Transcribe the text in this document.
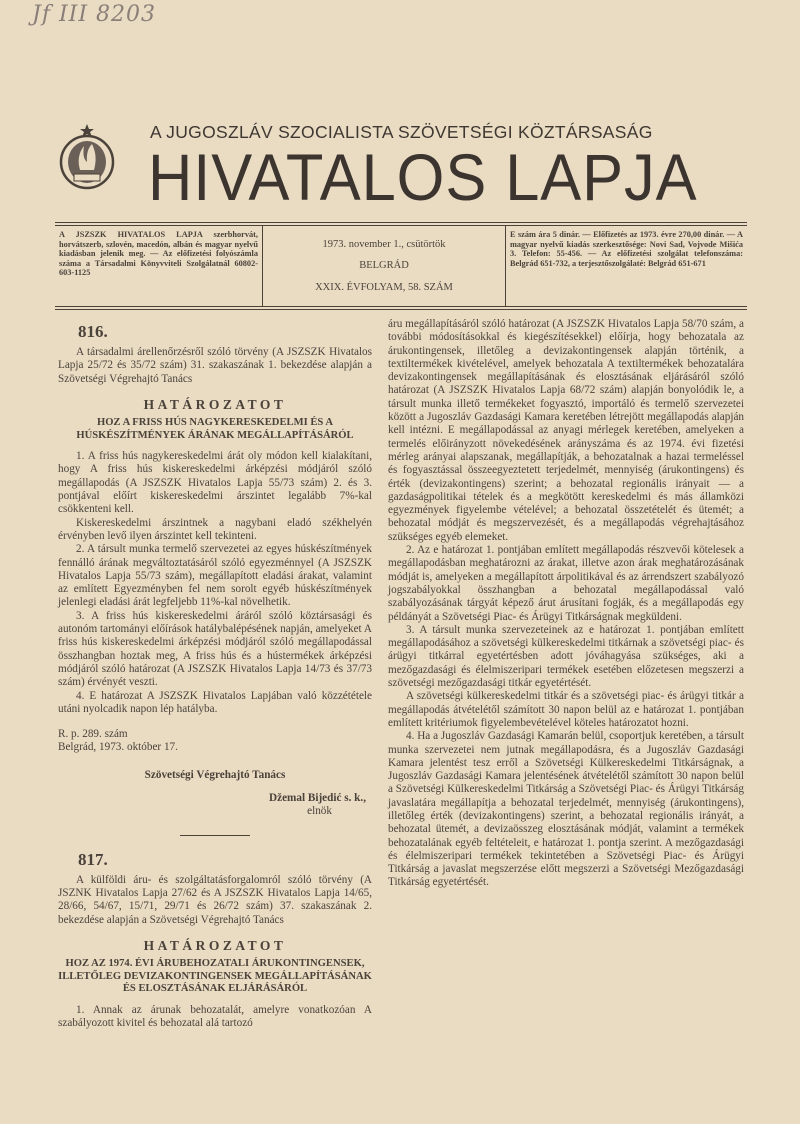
Jf III 8203
A JUGOSZLÁV SZOCIALISTA SZÖVETSÉGI KÖZTÁRSASÁG
HIVATALOS LAPJA
A JSZSZK HIVATALOS LAPJA szerbhorvát, horvátszerb, szlovén, macedón, albán és magyar nyelvű kiadásban jelenik meg. — Az előfizetési folyószámla száma a Társadalmi Könyvviteli Szolgálatnál 60802-603-1125
1973. november 1., csütörtök
BELGRÁD
XXIX. ÉVFOLYAM, 58. SZÁM
E szám ára 5 dinár. — Előfizetés az 1973. évre 270,00 dinár. — A magyar nyelvű kiadás szerkesztősége: Novi Sad, Vojvode Mišića 3. Telefon: 55-456. — Az előfizetési szolgálat telefonszáma: Belgrád 651-732, a terjesztőszolgálaté: Belgrád 651-671
816.

A társadalmi árellenőrzésről szóló törvény (A JSZSZK Hivatalos Lapja 25/72 és 35/72 szám) 31. szakaszának 1. bekezdése alapján a Szövetségi Végrehajtó Tanács

HATÁROZATOT
HOZ A FRISS HÚS NAGYKERESKEDELMI ÉS A HÚSKÉSZÍTMÉNYEK ÁRÁNAK MEGÁLLAPÍTÁSÁRÓL

1. A friss hús nagykereskedelmi árát oly módon kell kialakítani, hogy A friss hús kiskereskedelmi árképzési módjáról szóló megállapodás (A JSZSZK Hivatalos Lapja 55/73 szám) 2. és 3. pontjával előírt kiskereskedelmi árszintet legalább 7%-kal csökkenteni kell.

Kiskereskedelmi árszintnek a nagybani eladó székhelyén érvényben levő ilyen árszintet kell tekinteni.

2. A társult munka termelő szervezetei az egyes húskészítmények fennálló árának megváltoztatásáról szóló egyezménnyel (A JSZSZK Hivatalos Lapja 55/73 szám), megállapított eladási árakat, valamint az említett Egyezményben fel nem sorolt egyéb húskészítmények jelenlegi eladási árát legfeljebb 11%-kal növelhetik.

3. A friss hús kiskereskedelmi áráról szóló köztársasági és autonóm tartományi előírások hatálybalépésének napján, amelyeket A friss hús kiskereskedelmi árképzési módjáról szóló megállapodással összhangban hoztak meg, A friss hús és a hústermékek árképzési módjáról szóló határozat (A JSZSZK Hivatalos Lapja 14/73 és 37/73 szám) érvényét veszti.

4. E határozat A JSZSZK Hivatalos Lapjában való közzététele utáni nyolcadik napon lép hatályba.

R. p. 289. szám

Belgrád, 1973. október 17.

Szövetségi Végrehajtó Tanács
Džemal Bijedić s. k.,
elnök
817.

A külföldi áru- és szolgáltatásforgalomról szóló törvény (A JSZNK Hivatalos Lapja 27/62 és A JSZSZK Hivatalos Lapja 14/65, 28/66, 54/67, 15/71, 29/71 és 26/72 szám) 37. szakaszának 2. bekezdése alapján a Szövetségi Végrehajtó Tanács

HATÁROZATOT
HOZ AZ 1974. ÉVI ÁRUBEHOZATALI ÁRUKONTINGENSEK, ILLETŐLEG DEVIZAKONTINGENSEK MEGÁLLAPÍTÁSÁNAK ÉS ELOSZTÁSÁNAK ELJÁRÁSÁRÓL

1. Annak az árunak behozatalát, amelyre vonatkozóan A szabályozott kivitel és behozatal alá tartozó

áru megállapításáról szóló határozat (A JSZSZK Hivatalos Lapja 58/70 szám, a további módosításokkal és kiegészítésekkel) előírja, hogy behozatala az árukontingensek, illetőleg a devizakontingensek alapján történik, a textiltermékek kivételével, amelyek behozatala A textiltermékek behozatalára devizakontingensek megállapításának és elosztásának eljárásáról szóló határozat (A JSZSZK Hivatalos Lapja 68/72 szám) alapján bonyolódik le, a társult munka illető termékeket fogyasztó, importáló és termelő szervezetei között a Jugoszláv Gazdasági Kamara keretében létrejött megállapodás alapján kell intézni. E megállapodással az anyagi mérlegek keretében, amelyeken a termelés előirányzott növekedésének arányszáma és az 1974. évi fizetési mérleg arányai alapszanak, megállapítják, a behozatalnak a hazai termeléssel és fogyasztással összeegyeztetett terjedelmét, mennyiség (árukontingens) és érték (devizakontingens) szerint; a behozatal regionális irányait — a gazdaságpolitikai tételek és a megkötött kereskedelmi és más államközi egyezmények figyelembe vételével; a behozatal összetételét és ütemét; a behozatal módját és megszervezését, és a megállapodás végrehajtásához szükséges egyéb elemeket.

2. Az e határozat 1. pontjában említett megállapodás részvevői kötelesek a megállapodásban meghatározni az árakat, illetve azon árak meghatározásának módját is, amelyeken a megállapított árpolitikával és az árrendszert szabályozó jogszabályokkal összhangban a behozatal megállapodással való szabályozásának tárgyát képező árut árusítani fogják, és a megállapodás egy példányát a Szövetségi Piac- és Árügyi Titkárságnak megküldeni.

3. A társult munka szervezeteinek az e határozat 1. pontjában említett megállapodásához a szövetségi külkereskedelmi titkárnak a szövetségi piac- és árügyi titkárral egyetértésben adott jóváhagyása szükséges, aki a mezőgazdasági és élelmiszeripari termékek esetében előzetesen megszerzi a szövetségi mezőgazdasági titkár egyetértését.

A szövetségi külkereskedelmi titkár és a szövetségi piac- és árügyi titkár a megállapodás átvételétől számított 30 napon belül az e határozat 1. pontjában említett kritériumok figyelembevételével köteles határozatot hozni.

4. Ha a Jugoszláv Gazdasági Kamarán belül, csoportjuk keretében, a társult munka szervezetei nem jutnak megállapodásra, és a Jugoszláv Gazdasági Kamara jelentést tesz erről a Szövetségi Külkereskedelmi Titkárságnak, a Jugoszláv Gazdasági Kamara jelentésének átvételétől számított 30 napon belül a Szövetségi Külkereskedelmi Titkárság a Szövetségi Piac- és Árügyi Titkárság javaslatára megállapítja a behozatal terjedelmét, mennyiség (árukontingens), illetőleg érték (devizakontingens) szerint, a behozatal regionális irányát, a behozatal ütemét, a devizaösszeg elosztásának módját, valamint a termékek behozatalának egyéb feltételeit, e határozat 1. pontja szerint. A mezőgazdasági és élelmiszeripari termékek tekintetében a Szövetségi Piac- és Árügyi Titkárság a javaslat megszerzése előtt megszerzi a Szövetségi Mezőgazdasági Titkárság egyetértését.
